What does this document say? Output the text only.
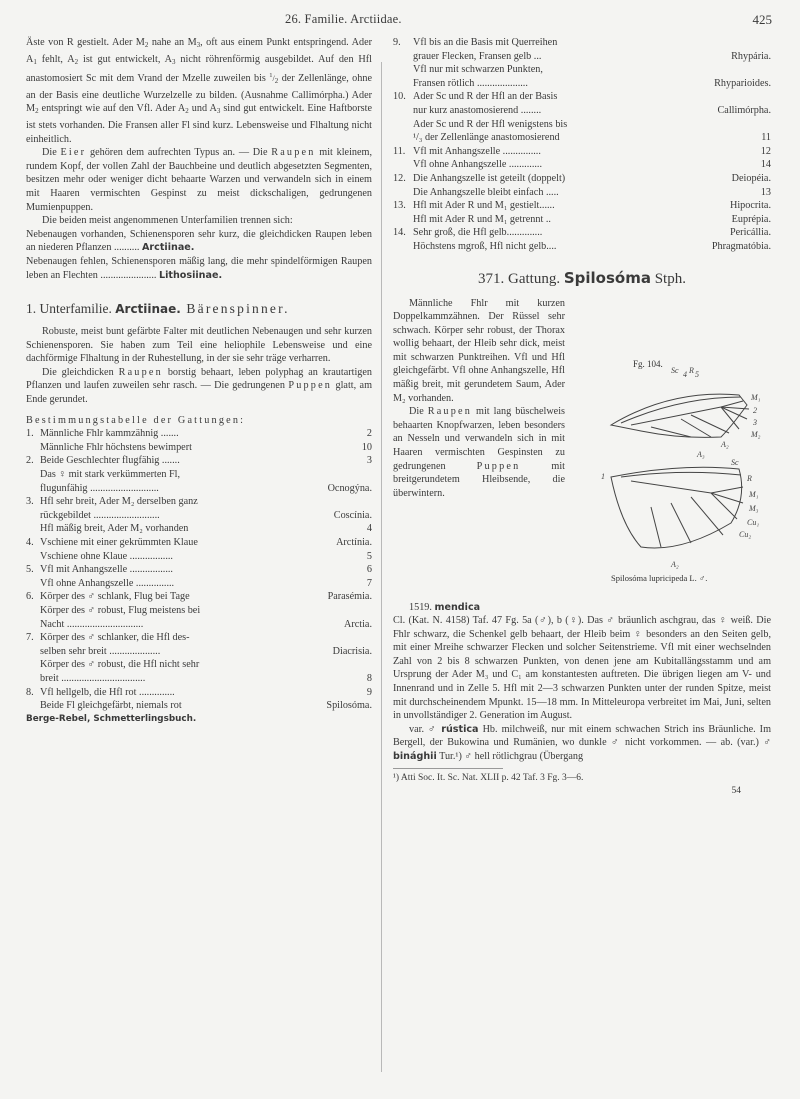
26. Familie. Arctiidae.	425

Äste von R gestielt. Ader $M_2$ nahe an $M_3$, oft aus einem Punkt entspringend. Ader $A_1$ fehlt, $A_2$ ist gut entwickelt, $A_3$ nicht röhrenförmig ausgebildet. Auf den Hfl anastomosiert Sc mit dem Vrand der Mzelle zuweilen bis $^1$/2 der Zellenlänge, ohne an der Basis eine deutliche Wurzelzelle zu bilden. (Ausnahme Callimórpha.) Ader $M_2$ entspringt wie auf den Vfl. Ader $A_2$ und $A_3$ sind gut entwickelt. Eine Haftborste ist stets vorhanden. Die Fransen aller Fl sind kurz. Lebensweise und Flhaltung nicht einheitlich.

Die Eier gehören dem aufrechten Typus an. — Die Raupen mit kleinem, rundem Kopf, der vollen Zahl der Bauchbeine und deutlich abgesetzten Segmenten, besitzen mehr oder weniger dicht behaarte Warzen und verwandeln sich in einem mit Haaren vermischten Gespinst zu meist dickschaligen, gedrungenen Mumienpuppen.

Die beiden meist angenommenen Unterfamilien trennen sich:

Nebenaugen vorhanden, Schienensporen sehr kurz, die gleichdicken Raupen leben an niederen Pflanzen .......... Arctiinae.

Nebenaugen fehlen, Schienensporen mäßig lang, die mehr spindelförmigen Raupen leben an Flechten ...................... Lithosiinae.

1. Unterfamilie. Arctiinae. Bärenspinner.

Robuste, meist bunt gefärbte Falter mit deutlichen Nebenaugen und sehr kurzen Schienensporen. Sie haben zum Teil eine heliophile Lebensweise und eine dachförmige Flhaltung in der Ruhestellung, in der sie sehr träge verharren.

Die gleichdicken Raupen borstig behaart, leben polyphag an krautartigen Pflanzen und laufen zuweilen sehr rasch. — Die gedrungenen Puppen glatt, am Ende gerundet.

Bestimmungstabelle der Gattungen:

1. Männliche Fhlr kammzähnig .......	2
Männliche Fhlr höchstens bewimpert	10
2. Beide Geschlechter flugfähig .......	3
Das ♀ mit stark verkümmerten Fl,
flugunfähig ...........................	Ocnogýna.
3. Hfl sehr breit, Ader M₂ derselben ganz
rückgebildet ..........................	Coscínia.
Hfl mäßig breit, Ader M₂ vorhanden	4
4. Vschiene mit einer gekrümmten Klaue	Arctínia.
Vschiene ohne Klaue .................	5
5. Vfl mit Anhangszelle .................	6
Vfl ohne Anhangszelle ...............	7
6. Körper des ♂ schlank, Flug bei Tage	Parasémia.
Körper des ♂ robust, Flug meistens bei
Nacht ..............................	Arctia.
7. Körper des ♂ schlanker, die Hfl des-
selben sehr breit ....................	Diacrisia.
Körper des ♂ robust, die Hfl nicht sehr
breit .................................	8
8. Vfl hellgelb, die Hfl rot ..............	9
Beide Fl gleichgefärbt, niemals rot	Spilosóma.
Berge-Rebel, Schmetterlingsbuch.
9. Vfl bis an die Basis mit Querreihen
grauer Flecken, Fransen gelb ...	Rhypária.
Vfl nur mit schwarzen Punkten,
Fransen rötlich ....................	Rhyparioides.
10. Ader Sc und R der Hfl an der Basis
nur kurz anastomosierend ........	Callimórpha.
Ader Sc und R der Hfl wenigstens bis
¹/₃ der Zellenlänge anastomosierend	11
11. Vfl mit Anhangszelle ...............	12
Vfl ohne Anhangszelle .............	14
12. Die Anhangszelle ist geteilt (doppelt)	Deiopéia.
Die Anhangszelle bleibt einfach .....	13
13. Hfl mit Ader R und M₁ gestielt......	Hipocrita.
Hfl mit Ader R und M₁ getrennt ..	Euprépia.
14. Sehr groß, die Hfl gelb..............	Pericállia.
Höchstens mgroß, Hfl nicht gelb....	Phragmatóbia.
371. Gattung. Spilosóma Stph.
Fg. 104.
Sc R
M₁
2
3
M₂
A₂
A₃
Sc
R
M₁
M₃
Cu₁
Cu₂
A₂
1
4 5
Spilosóma lupricipeda L. ♂.

Männliche Fhlr mit kurzen Doppelkammzähnen. Der Rüssel sehr schwach. Körper sehr robust, der Thorax wollig behaart, der Hleib sehr dick, meist mit schwarzen Punktreihen. Vfl und Hfl gleichgefärbt. Vfl ohne Anhangszelle, Hfl mäßig breit, mit gerundetem Saum, Ader M₂ vorhanden.

Die Raupen mit lang büschelweis behaarten Knopfwarzen, leben besonders an Nesseln und verwandeln sich in mit Haaren vermischten Gespinsten zu gedrungenen Puppen mit breitgerundetem Hleibsende, die überwintern.

1519. mendica

Cl. (Kat. N. 4158) Taf. 47 Fg. 5a (♂), b (♀). Das ♂ bräunlich aschgrau, das ♀ weiß. Die Fhlr schwarz, die Schenkel gelb behaart, der Hleib beim ♀ besonders an den Seiten gelb, mit einer Mreihe schwarzer Flecken und solcher Seitenstrieme. Vfl mit einer wechselnden Zahl von 2 bis 8 schwarzen Punkten, von denen jene am Kubitallängsstamm und am Ursprung der Ader M₃ und C₁ am konstantesten auftreten. Die übrigen liegen am V- und Innenrand und in Zelle 5. Hfl mit 2—3 schwarzen Punkten unter der runden Spitze, meist mit durchscheinendem Mpunkt. 15—18 mm. In Mitteleuropa verbreitet im Mai, Juni, selten in unvollständiger 2. Generation im August.

var. ♂ rústica Hb. milchweiß, nur mit einem schwachen Strich ins Bräunliche. Im Bergell, der Bukowina und Rumänien, wo dunkle ♂ nicht vorkommen. — ab. (var.) ♂ binághii Tur.¹) ♂ hell rötlichgrau (Übergang

¹) Atti Soc. It. Sc. Nat. XLII p. 42 Taf. 3 Fg. 3—6.
54
